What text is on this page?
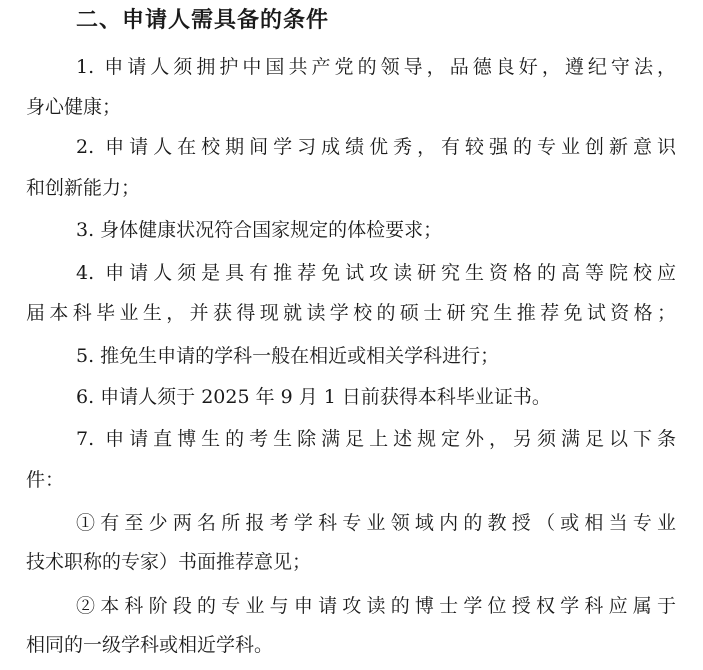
二、申请人需具备的条件
1. 申请人须拥护中国共产党的领导，品德良好，遵纪守法，
身心健康；
2. 申请人在校期间学习成绩优秀，有较强的专业创新意识
和创新能力；
3. 身体健康状况符合国家规定的体检要求；
4. 申请人须是具有推荐免试攻读研究生资格的高等院校应
届本科毕业生，并获得现就读学校的硕士研究生推荐免试资格；
5. 推免生申请的学科一般在相近或相关学科进行；
6. 申请人须于 2025 年 9 月 1 日前获得本科毕业证书。
7. 申请直博生的考生除满足上述规定外，另须满足以下条
件：
①有至少两名所报考学科专业领域内的教授（或相当专业
技术职称的专家）书面推荐意见；
②本科阶段的专业与申请攻读的博士学位授权学科应属于
相同的一级学科或相近学科。
